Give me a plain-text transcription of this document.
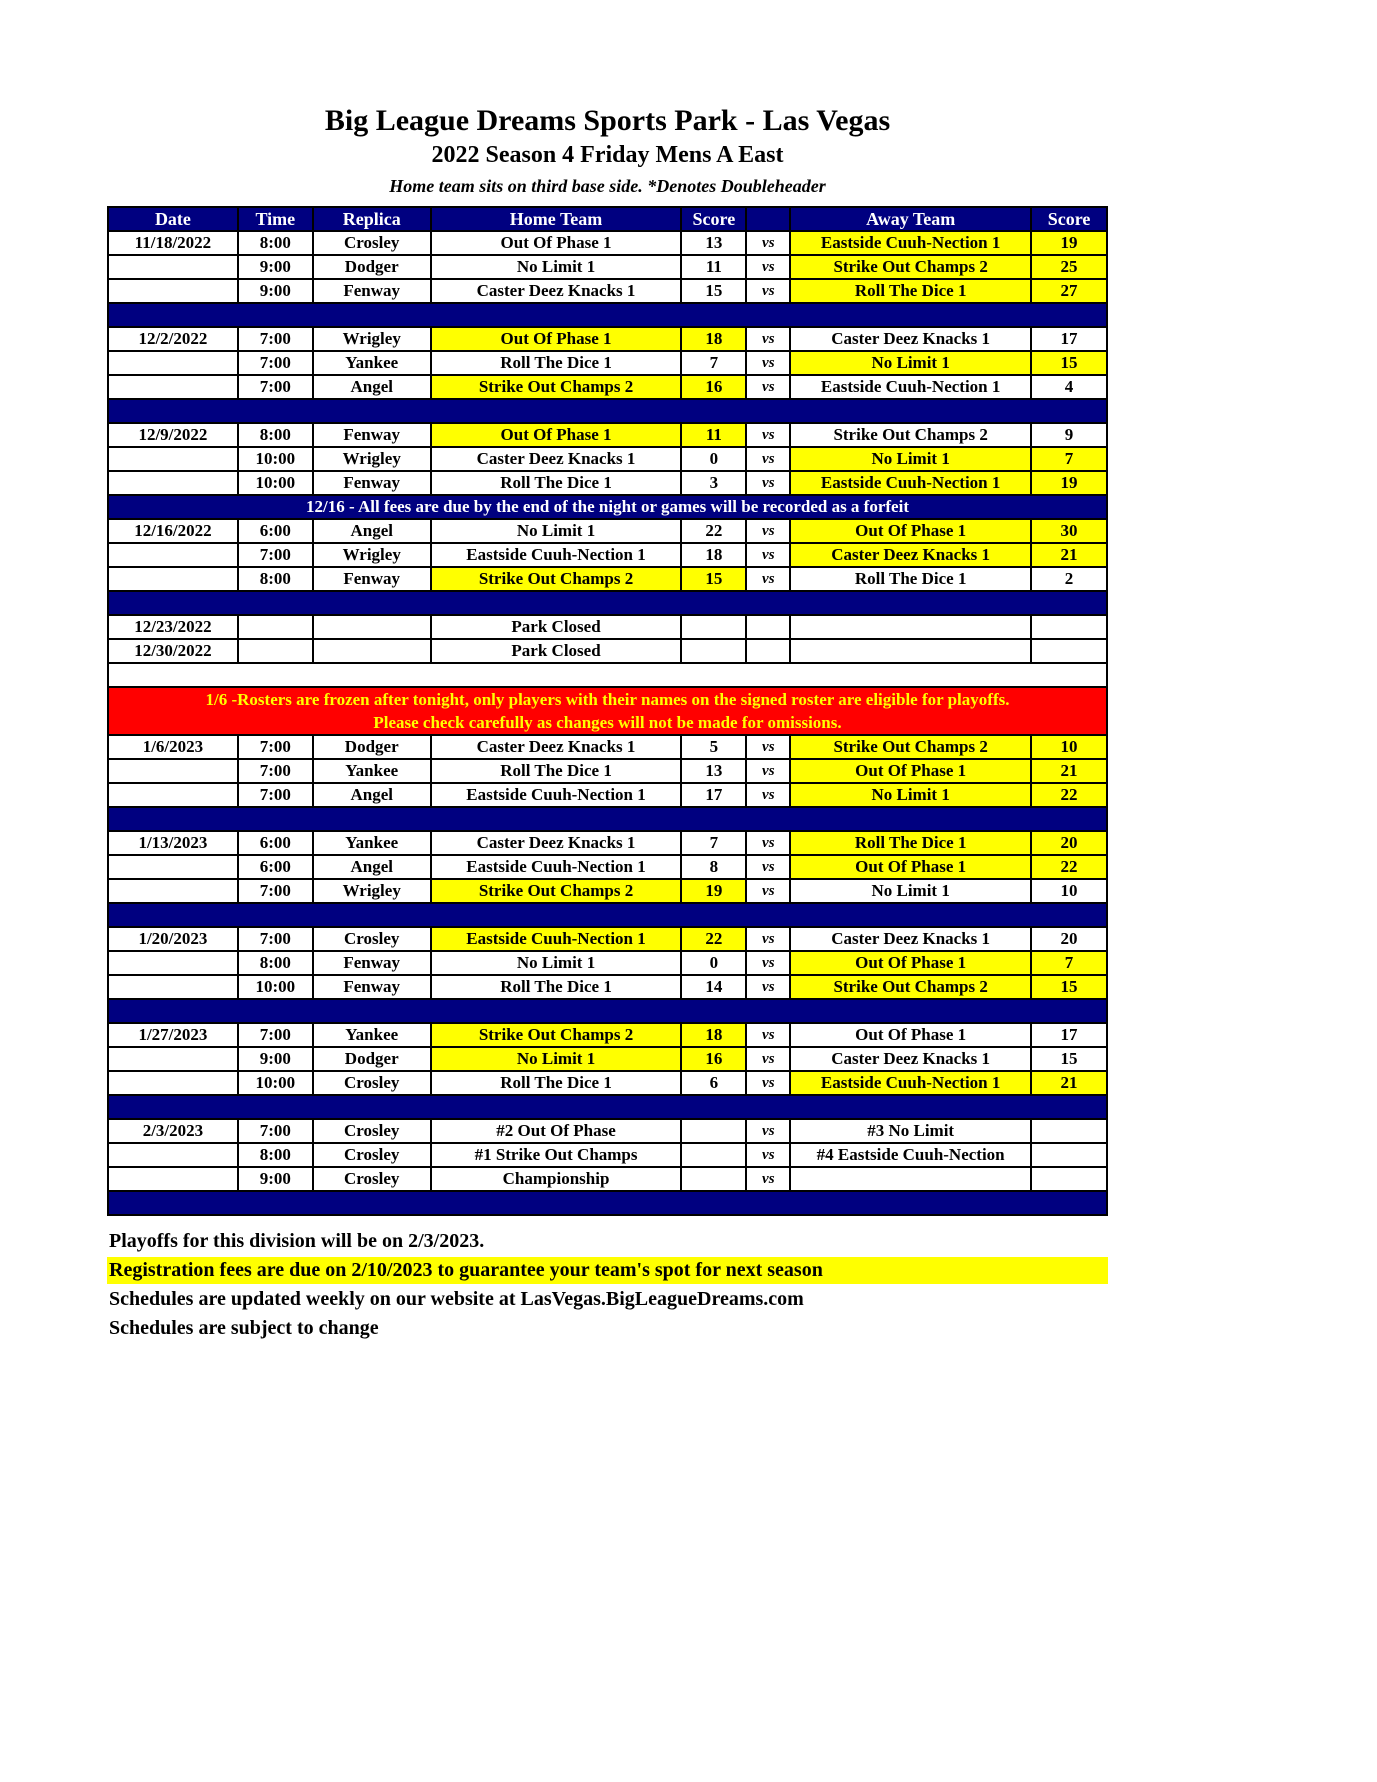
Big League Dreams Sports Park - Las Vegas
2022 Season 4 Friday Mens A East
Home team sits on third base side. *Denotes Doubleheader
Date	Time	Replica	Home Team	Score		Away Team	Score
11/18/2022	8:00	Crosley	Out Of Phase 1	13	vs	Eastside Cuuh-Nection 1	19
	9:00	Dodger	No Limit 1	11	vs	Strike Out Champs 2	25
	9:00	Fenway	Caster Deez Knacks 1	15	vs	Roll The Dice 1	27

12/2/2022	7:00	Wrigley	Out Of Phase 1	18	vs	Caster Deez Knacks 1	17
	7:00	Yankee	Roll The Dice 1	7	vs	No Limit 1	15
	7:00	Angel	Strike Out Champs 2	16	vs	Eastside Cuuh-Nection 1	4

12/9/2022	8:00	Fenway	Out Of Phase 1	11	vs	Strike Out Champs 2	9
	10:00	Wrigley	Caster Deez Knacks 1	0	vs	No Limit 1	7
	10:00	Fenway	Roll The Dice 1	3	vs	Eastside Cuuh-Nection 1	19
12/16 - All fees are due by the end of the night or games will be recorded as a forfeit							
12/16/2022	6:00	Angel	No Limit 1	22	vs	Out Of Phase 1	30
	7:00	Wrigley	Eastside Cuuh-Nection 1	18	vs	Caster Deez Knacks 1	21
	8:00	Fenway	Strike Out Champs 2	15	vs	Roll The Dice 1	2

12/23/2022			Park Closed				
12/30/2022			Park Closed				

1/6 -Rosters are frozen after tonight, only players with their names on the signed roster are eligible for playoffs.
Please check carefully as changes will not be made for omissions.							

1/6/2023	7:00	Dodger	Caster Deez Knacks 1	5	vs	Strike Out Champs 2	10
	7:00	Yankee	Roll The Dice 1	13	vs	Out Of Phase 1	21
	7:00	Angel	Eastside Cuuh-Nection 1	17	vs	No Limit 1	22

1/13/2023	6:00	Yankee	Caster Deez Knacks 1	7	vs	Roll The Dice 1	20
	6:00	Angel	Eastside Cuuh-Nection 1	8	vs	Out Of Phase 1	22
	7:00	Wrigley	Strike Out Champs 2	19	vs	No Limit 1	10

1/20/2023	7:00	Crosley	Eastside Cuuh-Nection 1	22	vs	Caster Deez Knacks 1	20
	8:00	Fenway	No Limit 1	0	vs	Out Of Phase 1	7
	10:00	Fenway	Roll The Dice 1	14	vs	Strike Out Champs 2	15

1/27/2023	7:00	Yankee	Strike Out Champs 2	18	vs	Out Of Phase 1	17
	9:00	Dodger	No Limit 1	16	vs	Caster Deez Knacks 1	15
	10:00	Crosley	Roll The Dice 1	6	vs	Eastside Cuuh-Nection 1	21

2/3/2023	7:00	Crosley	#2 Out Of Phase		vs	#3 No Limit	
	8:00	Crosley	#1 Strike Out Champs		vs	#4 Eastside Cuuh-Nection	
	9:00	Crosley	Championship		vs		

Playoffs for this division will be on 2/3/2023.
Registration fees are due on 2/10/2023 to guarantee your team's spot for next season
Schedules are updated weekly on our website at LasVegas.BigLeagueDreams.com
Schedules are subject to change
